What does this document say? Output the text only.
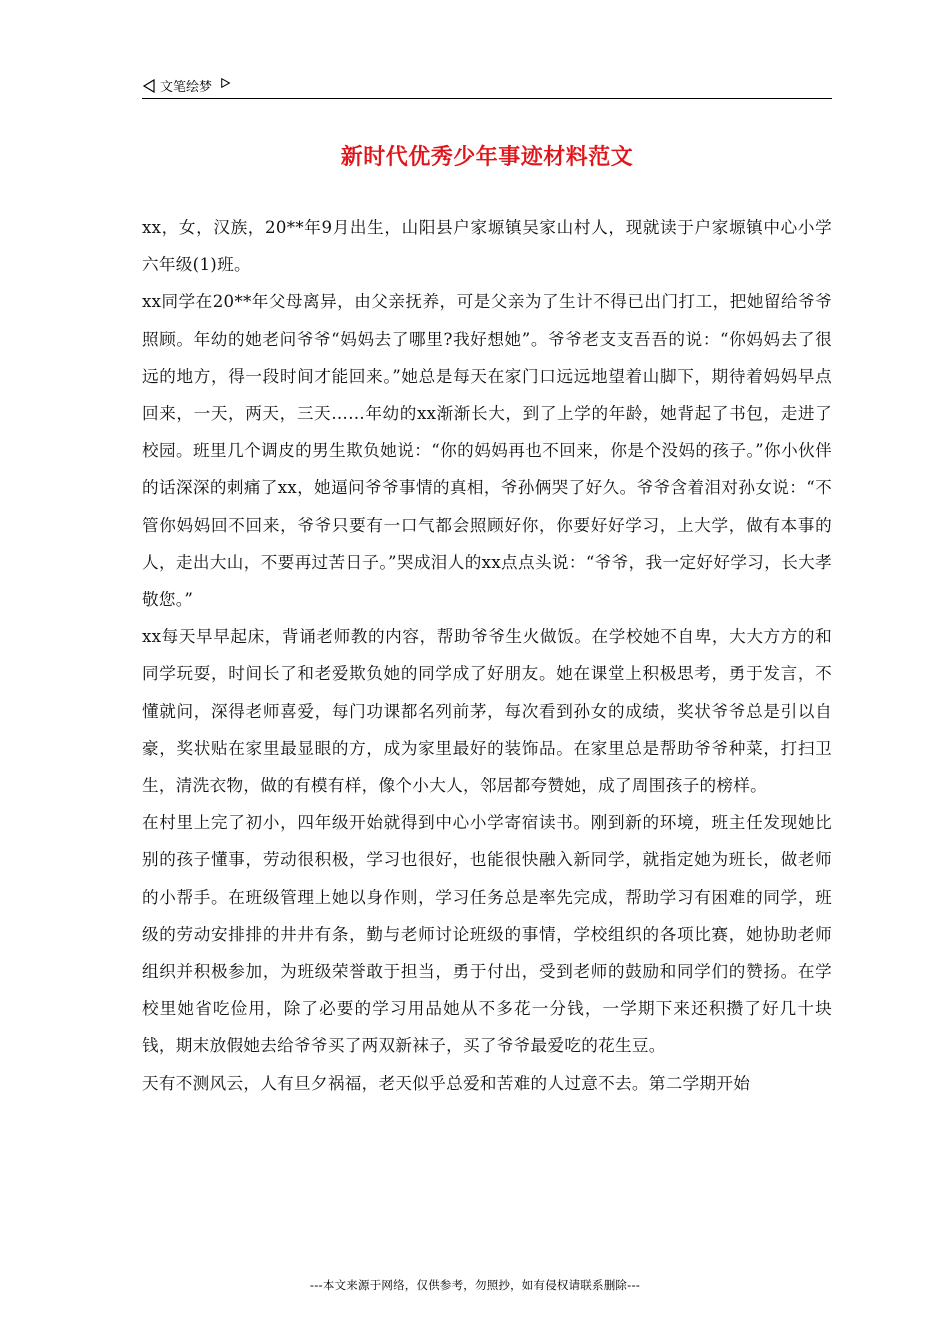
文笔绘梦
新时代优秀少年事迹材料范文

xx，女，汉族，20**年9月出生，山阳县户家塬镇吴家山村人，现就读于户家塬镇中心小学六年级(1)班。

xx同学在20**年父母离异，由父亲抚养，可是父亲为了生计不得已出门打工，把她留给爷爷照顾。年幼的她老问爷爷“妈妈去了哪里?我好想她”。爷爷老支支吾吾的说：“你妈妈去了很远的地方，得一段时间才能回来。”她总是每天在家门口远远地望着山脚下，期待着妈妈早点回来，一天，两天，三天……年幼的xx渐渐长大，到了上学的年龄，她背起了书包，走进了校园。班里几个调皮的男生欺负她说：“你的妈妈再也不回来，你是个没妈的孩子。”你小伙伴的话深深的刺痛了xx，她逼问爷爷事情的真相，爷孙俩哭了好久。爷爷含着泪对孙女说：“不管你妈妈回不回来，爷爷只要有一口气都会照顾好你，你要好好学习，上大学，做有本事的人，走出大山，不要再过苦日子。”哭成泪人的xx点点头说：“爷爷，我一定好好学习，长大孝敬您。”

xx每天早早起床，背诵老师教的内容，帮助爷爷生火做饭。在学校她不自卑，大大方方的和同学玩耍，时间长了和老爱欺负她的同学成了好朋友。她在课堂上积极思考，勇于发言，不懂就问，深得老师喜爱，每门功课都名列前茅，每次看到孙女的成绩，奖状爷爷总是引以自豪，奖状贴在家里最显眼的方，成为家里最好的装饰品。在家里总是帮助爷爷种菜，打扫卫生，清洗衣物，做的有模有样，像个小大人，邻居都夸赞她，成了周围孩子的榜样。

在村里上完了初小，四年级开始就得到中心小学寄宿读书。刚到新的环境，班主任发现她比别的孩子懂事，劳动很积极，学习也很好，也能很快融入新同学，就指定她为班长，做老师的小帮手。在班级管理上她以身作则，学习任务总是率先完成，帮助学习有困难的同学，班级的劳动安排排的井井有条，勤与老师讨论班级的事情，学校组织的各项比赛，她协助老师组织并积极参加，为班级荣誉敢于担当，勇于付出，受到老师的鼓励和同学们的赞扬。在学校里她省吃俭用，除了必要的学习用品她从不多花一分钱，一学期下来还积攒了好几十块钱，期末放假她去给爷爷买了两双新袜子，买了爷爷最爱吃的花生豆。

天有不测风云，人有旦夕祸福，老天似乎总爱和苦难的人过意不去。第二学期开始

---本文来源于网络，仅供参考，勿照抄，如有侵权请联系删除---
